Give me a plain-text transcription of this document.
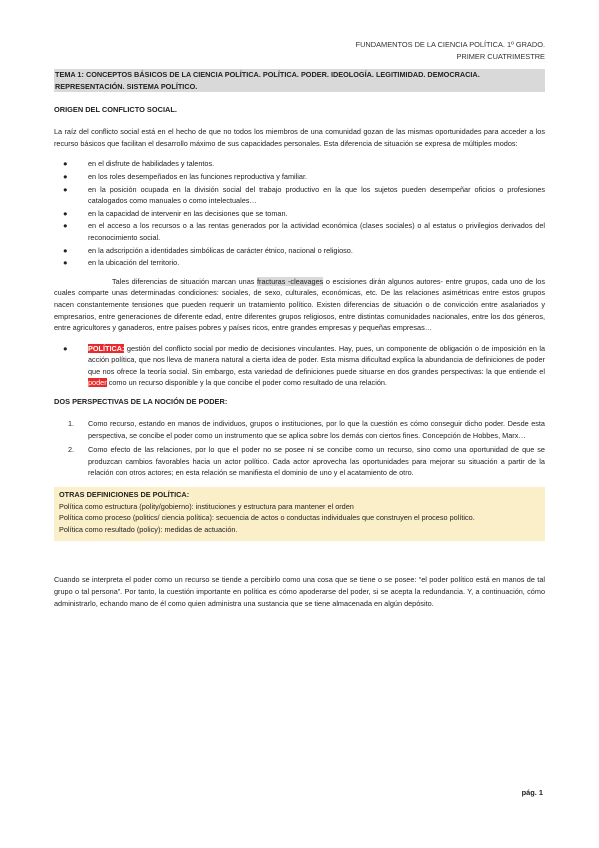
FUNDAMENTOS DE LA CIENCIA POLÍTICA. 1º GRADO.
PRIMER CUATRIMESTRE
TEMA 1: CONCEPTOS BÁSICOS DE LA CIENCIA POLÍTICA. POLÍTICA. PODER. IDEOLOGÍA. LEGITIMIDAD. DEMOCRACIA. REPRESENTACIÓN. SISTEMA POLÍTICO.
ORIGEN DEL CONFLICTO SOCIAL.

La raíz del conflicto social está en el hecho de que no todos los miembros de una comunidad gozan de las mismas oportunidades para acceder a los recurso básicos que facilitan el desarrollo máximo de sus capacidades personales. Esta diferencia de situación se expresa de múltiples modos:

●	en el disfrute de habilidades y talentos.
●	en los roles desempeñados en las funciones reproductiva y familiar.
●	en la posición ocupada en la división social del trabajo productivo en la que los sujetos pueden desempeñar oficios o profesiones catalogados como manuales o como intelectuales…
●	en la capacidad de intervenir en las decisiones que se toman.
●	en el acceso a los recursos o a las rentas generados por la actividad económica (clases sociales) o al estatus o privilegios derivados del reconocimiento social.
●	en la adscripción a identidades simbólicas de carácter étnico, nacional o religioso.
●	en la ubicación del territorio.

Tales diferencias de situación marcan unas fracturas -cleavages o escisiones dirán algunos autores- entre grupos, cada uno de los cuales comparte unas determinadas condiciones: sociales, de sexo, culturales, económicas, etc. De las relaciones asimétricas entre estos grupos nacen constantemente tensiones que pueden requerir un tratamiento político. Existen diferencias de situación o de convicción entre asalariados y empresarios, entre generaciones de diferente edad, entre diferentes grupos religiosos, entre distintas comunidades nacionales, entre los dos géneros, entre agricultores y ganaderos, entre países pobres y países ricos, entre grandes empresas y pequeñas empresas…

●	POLÍTICA: gestión del conflicto social por medio de decisiones vinculantes. Hay, pues, un componente de obligación o de imposición en la acción política, que nos lleva de manera natural a cierta idea de poder. Esta misma dificultad explica la abundancia de definiciones de poder que nos ofrece la teoría social. Sin embargo, esta variedad de definiciones puede situarse en dos grandes perspectivas: la que entiende el poder como un recurso disponible y la que concibe el poder como resultado de una relación.
DOS PERSPECTIVAS DE LA NOCIÓN DE PODER:
1. Como recurso, estando en manos de individuos, grupos o instituciones, por lo que la cuestión es cómo conseguir dicho poder. Desde esta perspectiva, se concibe el poder como un instrumento que se aplica sobre los demás con ciertos fines. Concepción de Hobbes, Marx…
2. Como efecto de las relaciones, por lo que el poder no se posee ni se concibe como un recurso, sino como una oportunidad de que se produzcan cambios favorables hacia un actor político. Cada actor aprovecha las oportunidades para mejorar su situación a partir de la relación con otros actores; en esta relación se manifiesta el dominio de uno y el acatamiento de otro.
OTRAS DEFINICIONES DE POLÍTICA:
Política como estructura (polity/gobierno): instituciones y estructura para mantener el orden
Política como proceso (politics/ ciencia política): secuencia de actos o conductas individuales que construyen el proceso político.
Política como resultado (policy): medidas de actuación.

Cuando se interpreta el poder como un recurso se tiende a percibirlo como una cosa que se tiene o se posee: “el poder político está en manos de tal grupo o tal persona”. Por tanto, la cuestión importante en política es cómo apoderarse del poder, si se acepta la redundancia. Y, a continuación, cómo administrarlo, echando mano de él como quien administra una sustancia que se tiene almacenada en algún depósito.

pág. 1
